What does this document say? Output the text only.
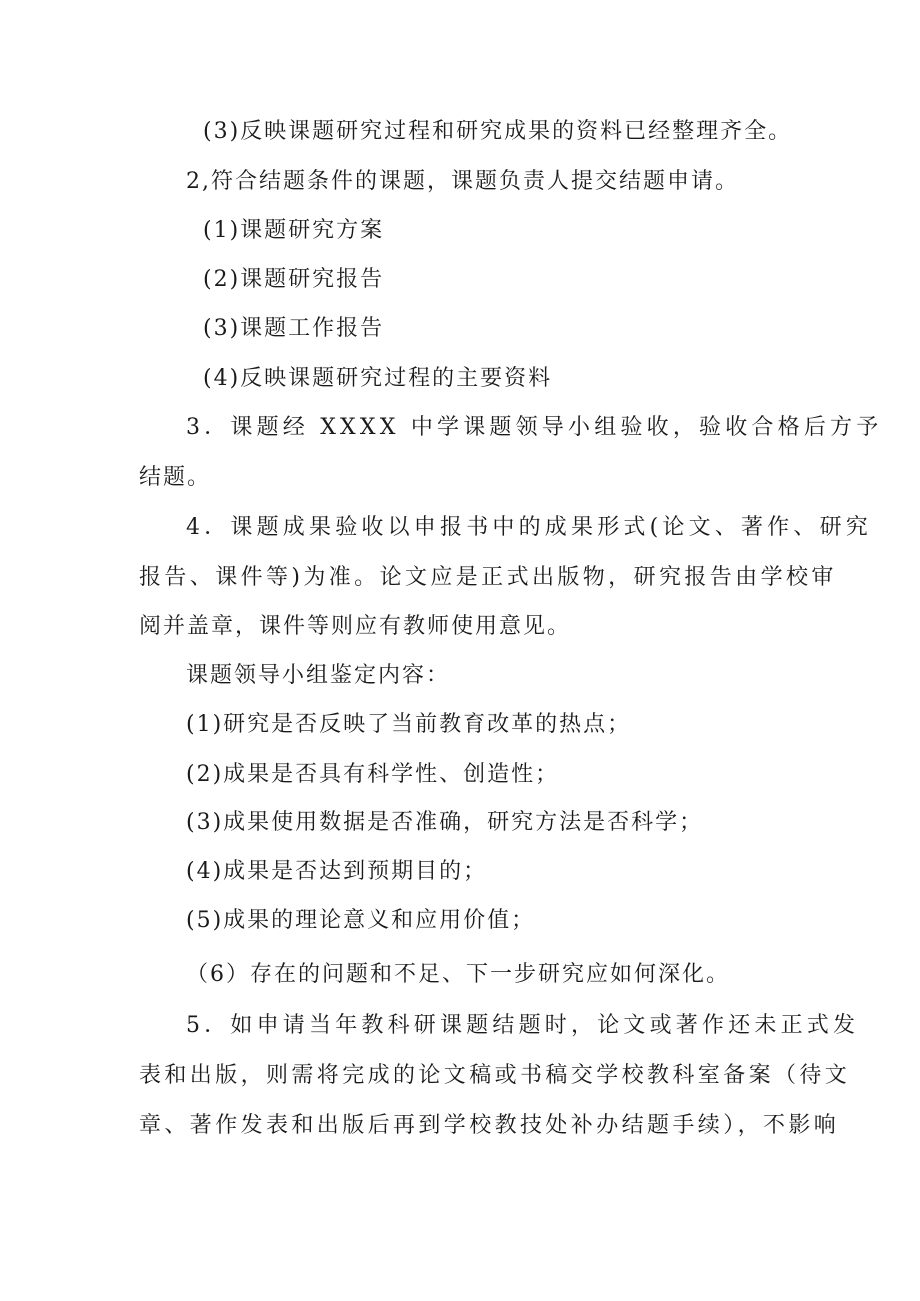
(3)反映课题研究过程和研究成果的资料已经整理齐全。

2,符合结题条件的课题，课题负责人提交结题申请。

(1)课题研究方案

(2)课题研究报告

(3)课题工作报告

(4)反映课题研究过程的主要资料

3．课题经 XXXX 中学课题领导小组验收，验收合格后方予

结题。

4．课题成果验收以申报书中的成果形式(论文、著作、研究

报告、课件等)为准。论文应是正式出版物，研究报告由学校审

阅并盖章，课件等则应有教师使用意见。

课题领导小组鉴定内容：

(1)研究是否反映了当前教育改革的热点；

(2)成果是否具有科学性、创造性；

(3)成果使用数据是否准确，研究方法是否科学；

(4)成果是否达到预期目的；

(5)成果的理论意义和应用价值；

（6）存在的问题和不足、下一步研究应如何深化。

5．如申请当年教科研课题结题时，论文或著作还未正式发

表和出版，则需将完成的论文稿或书稿交学校教科室备案（待文

章、著作发表和出版后再到学校教技处补办结题手续），不影响
